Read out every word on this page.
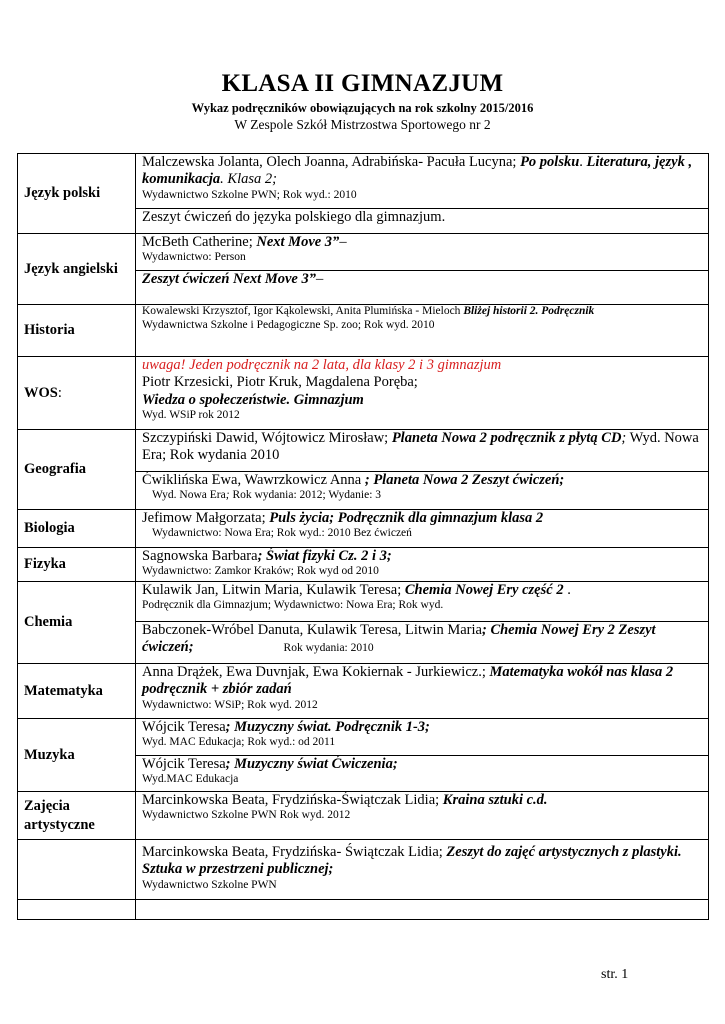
KLASA II GIMNAZJUM
Wykaz podręczników obowiązujących na rok szkolny 2015/2016
W Zespole Szkół Mistrzostwa Sportowego nr 2
Język polski	Malczewska Jolanta, Olech Joanna, Adrabińska- Pacuła Lucyna; Po polsku. Literatura, język , komunikacja. Klasa 2;
Wydawnictwo Szkolne PWN; Rok wyd.: 2010

	Zeszyt ćwiczeń do języka polskiego dla gimnazjum.

Język angielski	McBeth Catherine; Next Move 3”–
Wydawnictwo: Person

	Zeszyt ćwiczeń Next Move 3”–

Historia	Kowalewski Krzysztof, Igor Kąkolewski, Anita Plumińska - Mieloch Bliżej historii 2. Podręcznik
Wydawnictwa Szkolne i Pedagogiczne Sp. zoo; Rok wyd. 2010

WOS:	uwaga! Jeden podręcznik na 2 lata, dla klasy 2 i 3 gimnazjum
Piotr Krzesicki, Piotr Kruk, Magdalena Poręba;
Wiedza o społeczeństwie. Gimnazjum
Wyd. WSiP rok 2012

Geografia	Szczypiński Dawid, Wójtowicz Mirosław; Planeta Nowa 2 podręcznik z płytą CD; Wyd. Nowa Era; Rok wydania 2010

	Ćwiklińska Ewa, Wawrzkowicz Anna ; Planeta Nowa 2 Zeszyt ćwiczeń;
Wyd. Nowa Era; Rok wydania: 2012; Wydanie: 3

Biologia	Jefimow Małgorzata; Puls życia; Podręcznik dla gimnazjum klasa 2
Wydawnictwo: Nowa Era; Rok wyd.: 2010 Bez ćwiczeń

Fizyka	Sagnowska Barbara; Świat fizyki Cz. 2 i 3;
Wydawnictwo: Zamkor Kraków; Rok wyd od 2010

Chemia	Kulawik Jan, Litwin Maria, Kulawik Teresa; Chemia Nowej Ery część 2 .
Podręcznik dla Gimnazjum; Wydawnictwo: Nowa Era; Rok wyd.

	Babczonek-Wróbel Danuta, Kulawik Teresa, Litwin Maria; Chemia Nowej Ery 2 Zeszyt ćwiczeń; Rok wydania: 2010

Matematyka	Anna Drążek, Ewa Duvnjak, Ewa Kokiernak - Jurkiewicz.; Matematyka wokół nas klasa 2 podręcznik + zbiór zadań
Wydawnictwo: WSiP; Rok wyd. 2012

Muzyka	Wójcik Teresa; Muzyczny świat. Podręcznik 1-3;
Wyd. MAC Edukacja; Rok wyd.: od 2011

	Wójcik Teresa; Muzyczny świat Ćwiczenia;
Wyd.MAC Edukacja

Zajęcia artystyczne	Marcinkowska Beata, Frydzińska-Świątczak Lidia; Kraina sztuki c.d.
Wydawnictwo Szkolne PWN Rok wyd. 2012

	Marcinkowska Beata, Frydzińska- Świątczak Lidia; Zeszyt do zajęć artystycznych z plastyki. Sztuka w przestrzeni publicznej;
Wydawnictwo Szkolne PWN

str. 1
